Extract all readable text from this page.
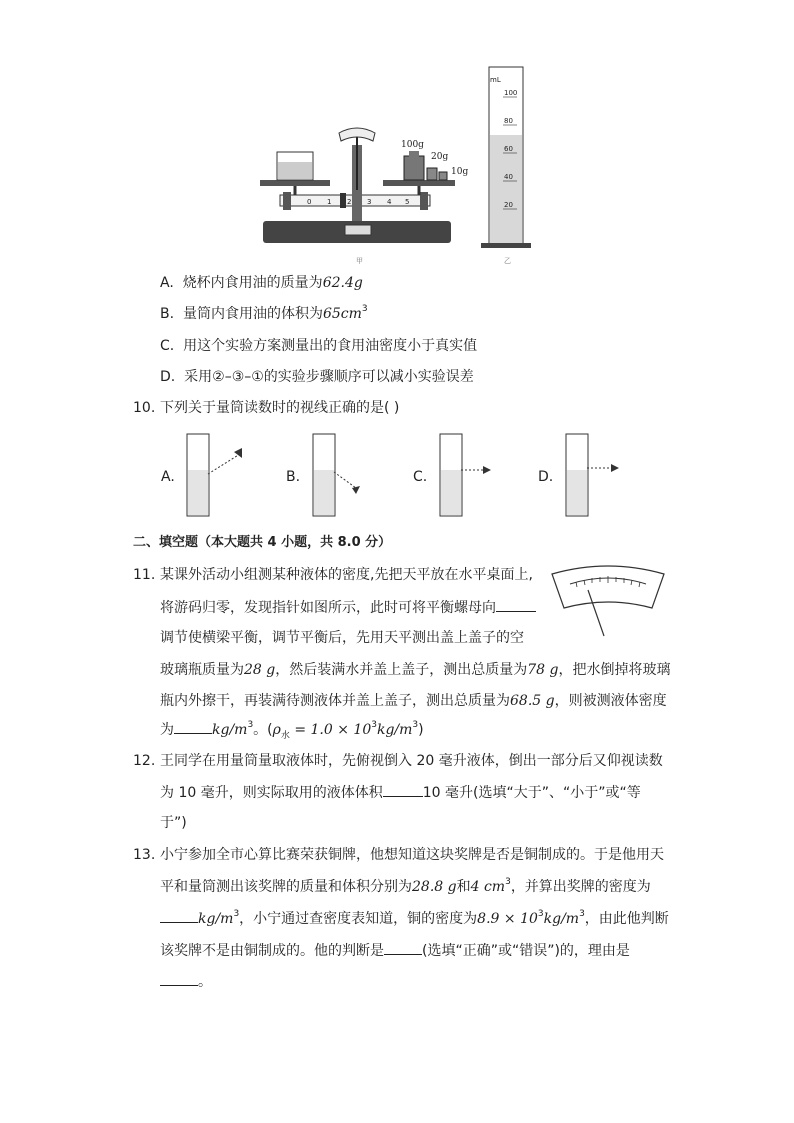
0 1 2 3 4 5
100g
20g
10g
mL
100
80
60
40
20
甲	乙
A. 烧杯内食用油的质量为62.4g
B. 量筒内食用油的体积为$65cm^3$
C. 用这个实验方案测量出的食用油密度小于真实值
D. 采用②–③–①的实验步骤顺序可以减小实验误差
10. 下列关于量筒读数时的视线正确的是( )
A.	B.	C.	D.
二、填空题（本大题共 4 小题，共 8.0 分）
11. 某课外活动小组测某种液体的密度,先把天平放在水平桌面上,
将游码归零，发现指针如图所示，此时可将平衡螺母向
调节使横梁平衡，调节平衡后，先用天平测出盖上盖子的空
玻璃瓶质量为28 g，然后装满水并盖上盖子，测出总质量为78 g，把水倒掉将玻璃
瓶内外擦干，再装满待测液体并盖上盖子，测出总质量为68.5 g，则被测液体密度
为	$kg/m^3$。$(\rho_水 = 1.0 \times 10^3kg/m^3)$
12. 王同学在用量筒量取液体时，先俯视倒入 20 毫升液体，倒出一部分后又仰视读数
为 10 毫升，则实际取用的液体体积	10 毫升(选填“大于”、“小于”或“等
于”)
13. 小宁参加全市心算比赛荣获铜牌，他想知道这块奖牌是否是铜制成的。于是他用天
平和量筒测出该奖牌的质量和体积分别为28.8 g和4 $cm^3$，并算出奖牌的密度为
$kg/m^3$，小宁通过查密度表知道，铜的密度为$8.9 \times 10^3kg/m^3$，由此他判断
该奖牌不是由铜制成的。他的判断是	(选填“正确”或“错误”)的，理由是
。
